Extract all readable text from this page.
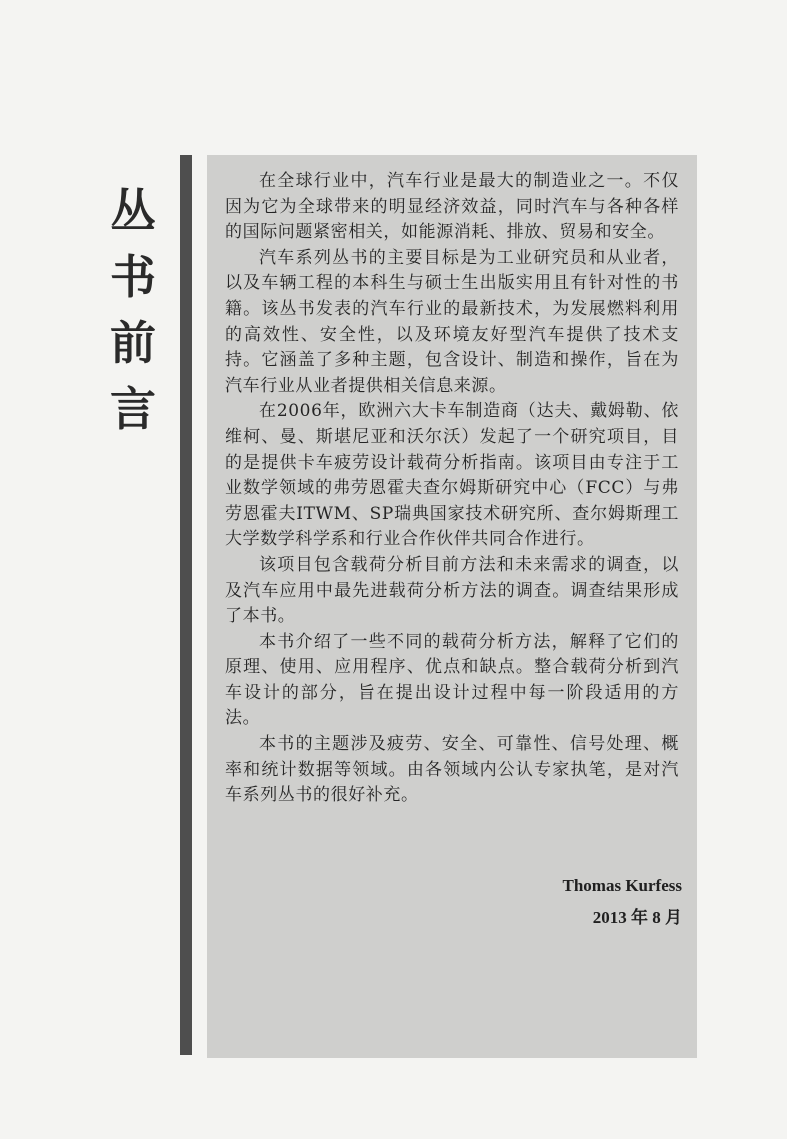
丛书前言

在全球行业中，汽车行业是最大的制造业之一。不仅因为它为全球带来的明显经济效益，同时汽车与各种各样的国际问题紧密相关，如能源消耗、排放、贸易和安全。

汽车系列丛书的主要目标是为工业研究员和从业者，以及车辆工程的本科生与硕士生出版实用且有针对性的书籍。该丛书发表的汽车行业的最新技术，为发展燃料利用的高效性、安全性，以及环境友好型汽车提供了技术支持。它涵盖了多种主题，包含设计、制造和操作，旨在为汽车行业从业者提供相关信息来源。

在2006年，欧洲六大卡车制造商（达夫、戴姆勒、依维柯、曼、斯堪尼亚和沃尔沃）发起了一个研究项目，目的是提供卡车疲劳设计载荷分析指南。该项目由专注于工业数学领域的弗劳恩霍夫查尔姆斯研究中心（FCC）与弗劳恩霍夫ITWM、SP瑞典国家技术研究所、查尔姆斯理工大学数学科学系和行业合作伙伴共同合作进行。

该项目包含载荷分析目前方法和未来需求的调查，以及汽车应用中最先进载荷分析方法的调查。调查结果形成了本书。

本书介绍了一些不同的载荷分析方法，解释了它们的原理、使用、应用程序、优点和缺点。整合载荷分析到汽车设计的部分，旨在提出设计过程中每一阶段适用的方法。

本书的主题涉及疲劳、安全、可靠性、信号处理、概率和统计数据等领域。由各领域内公认专家执笔，是对汽车系列丛书的很好补充。

Thomas Kurfess
2013 年 8 月
